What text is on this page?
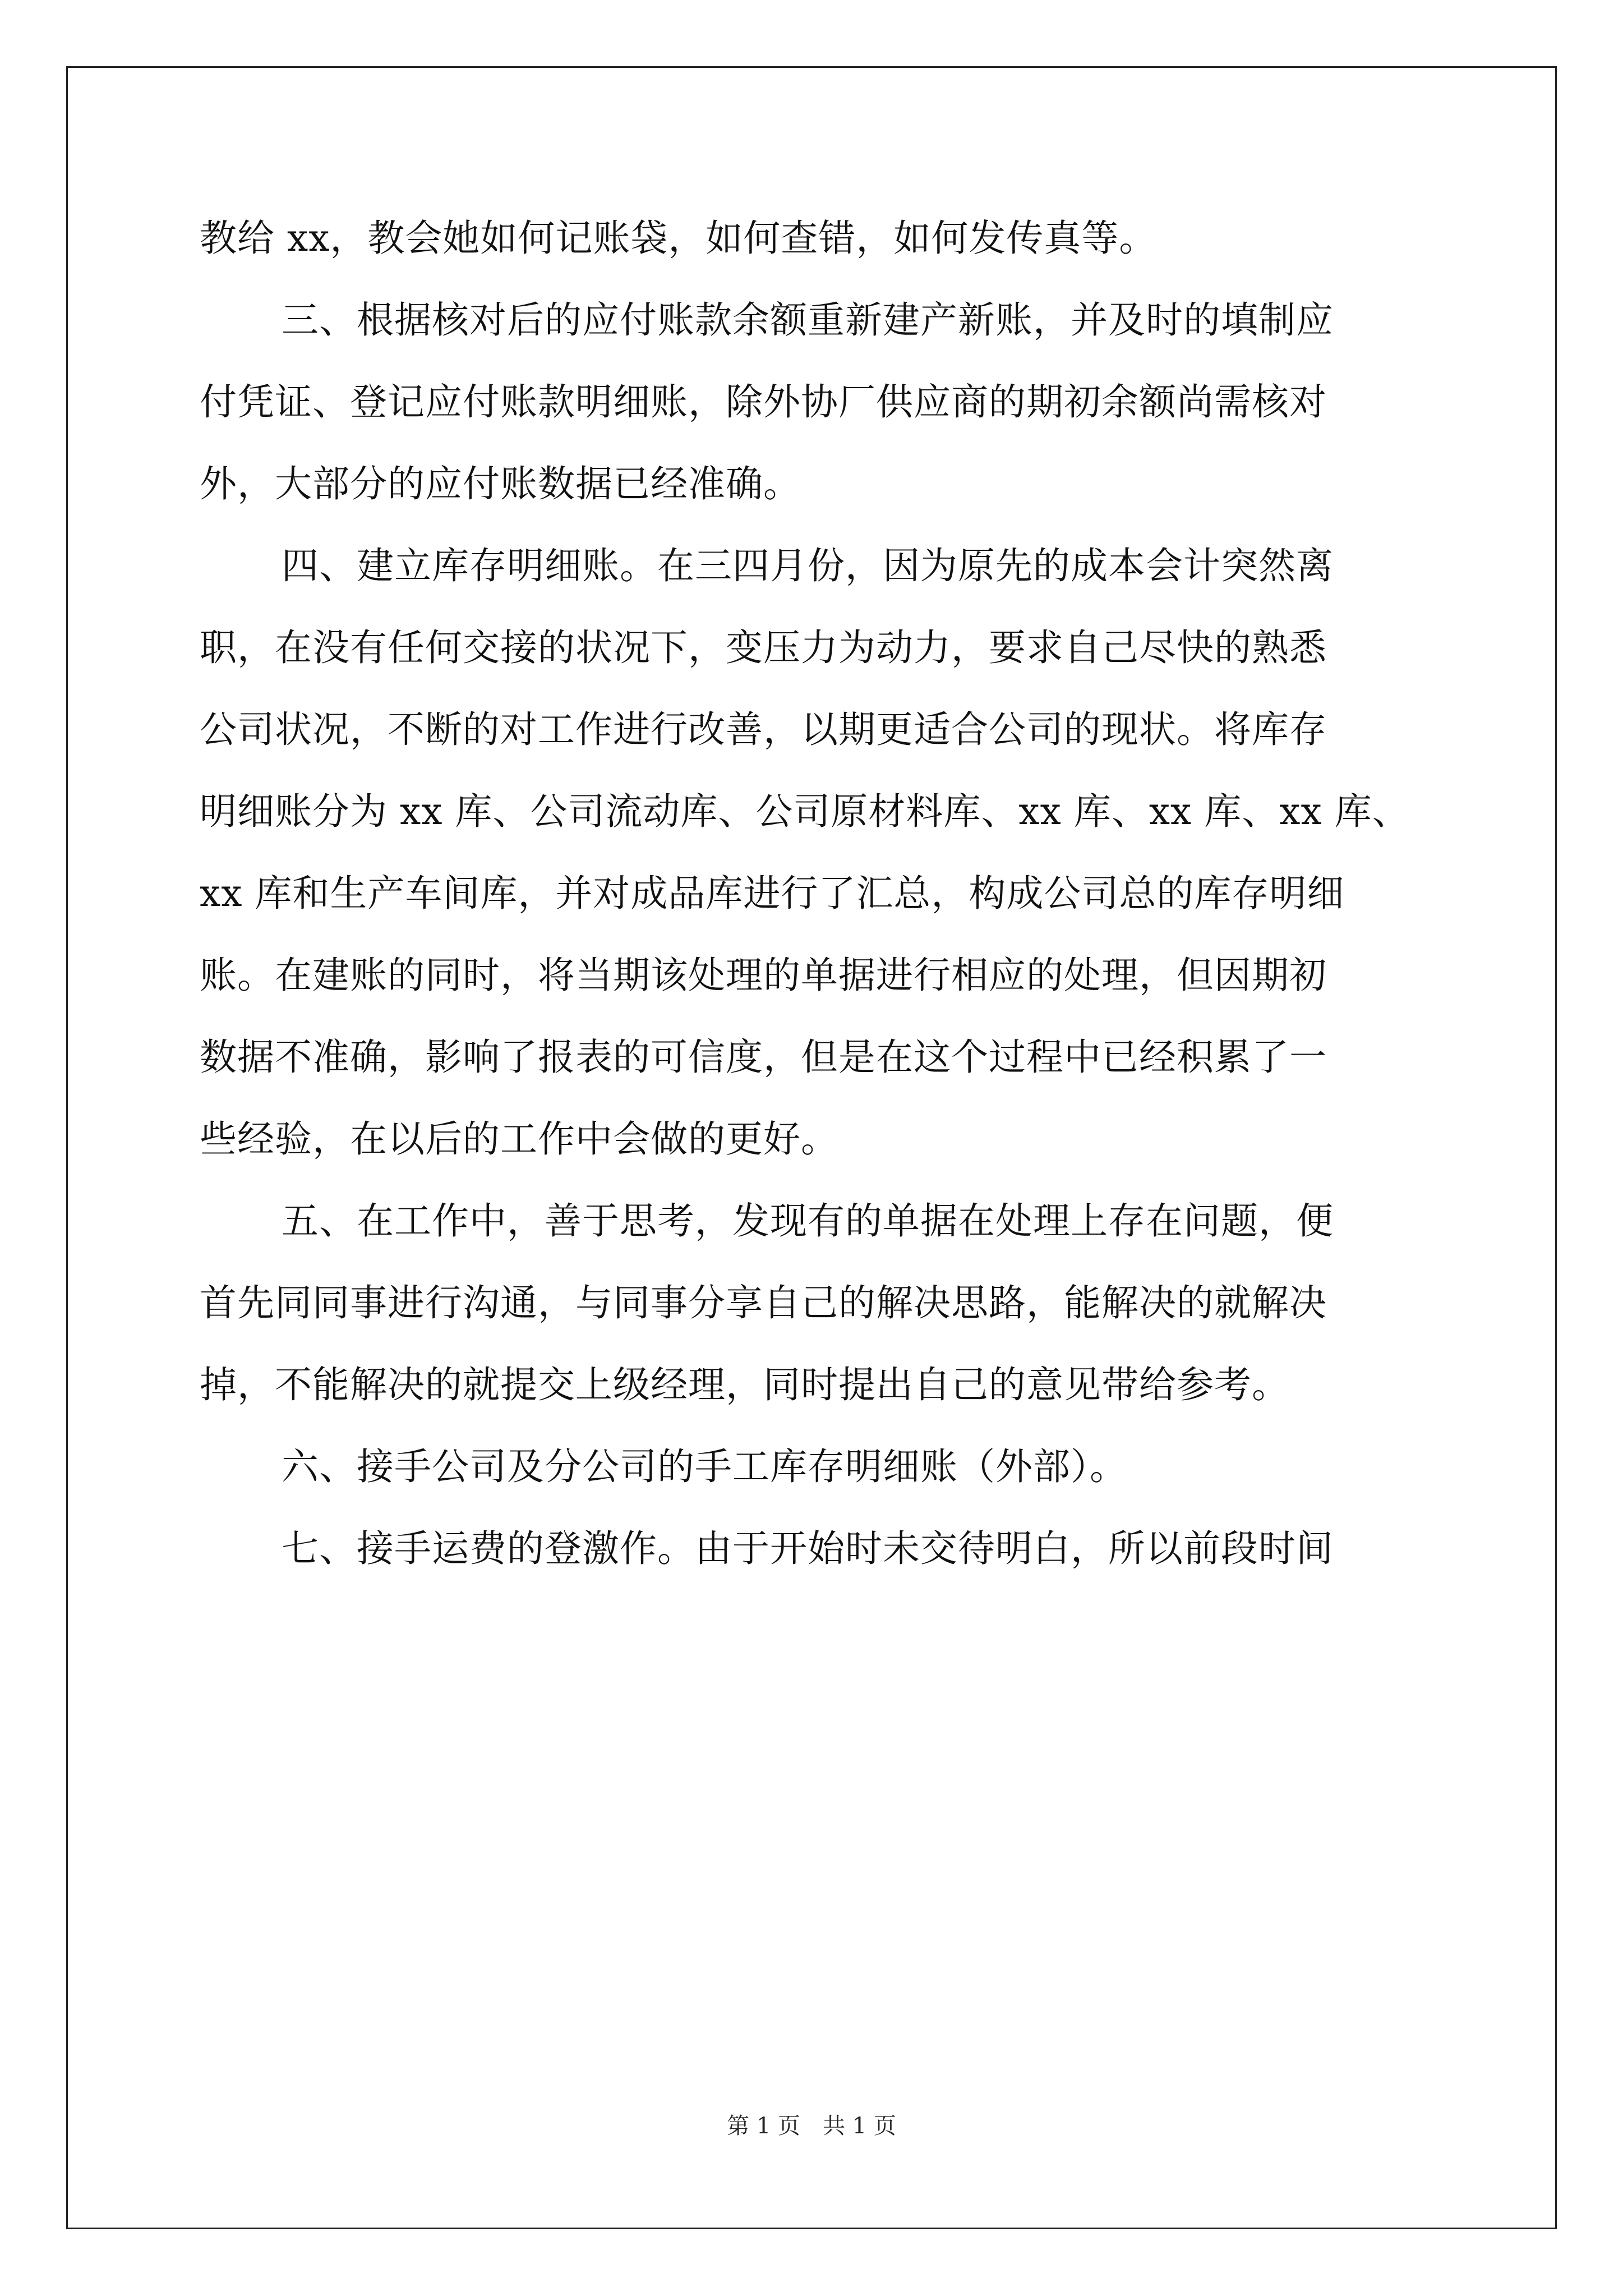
教给 xx，教会她如何记账袋，如何查错，如何发传真等。
三、根据核对后的应付账款余额重新建产新账，并及时的填制应
付凭证、登记应付账款明细账，除外协厂供应商的期初余额尚需核对
外，大部分的应付账数据已经准确。
四、建立库存明细账。在三四月份，因为原先的成本会计突然离
职，在没有任何交接的状况下，变压力为动力，要求自己尽快的熟悉
公司状况，不断的对工作进行改善，以期更适合公司的现状。将库存
明细账分为 xx 库、公司流动库、公司原材料库、xx 库、xx 库、xx 库、
xx 库和生产车间库，并对成品库进行了汇总，构成公司总的库存明细
账。在建账的同时，将当期该处理的单据进行相应的处理，但因期初
数据不准确，影响了报表的可信度，但是在这个过程中已经积累了一
些经验，在以后的工作中会做的更好。
五、在工作中，善于思考，发现有的单据在处理上存在问题，便
首先同同事进行沟通，与同事分享自己的解决思路，能解决的就解决
掉，不能解决的就提交上级经理，同时提出自己的意见带给参考。
六、接手公司及分公司的手工库存明细账（外部）。
七、接手运费的登激作。由于开始时未交待明白，所以前段时间
第 1 页　共 1 页
